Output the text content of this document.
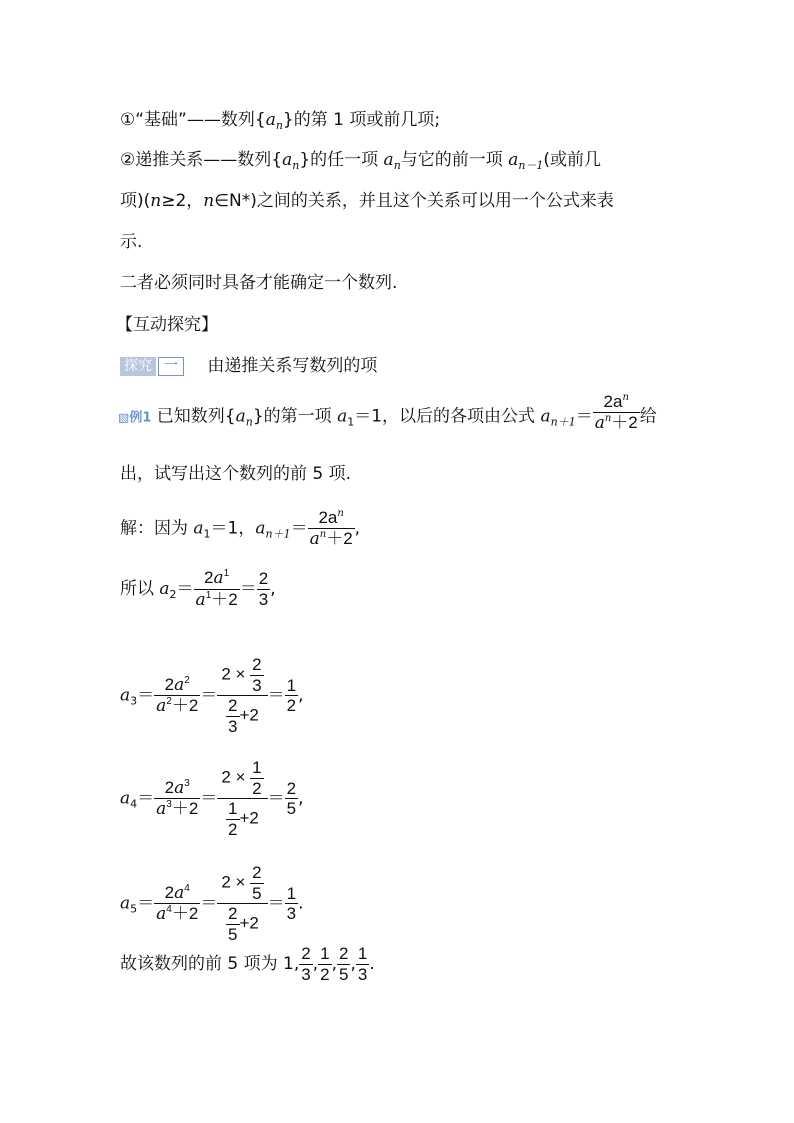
①“基础”——数列$\{a_n\}$的第 1 项或前几项;
②递推关系——数列$\{a_n\}$的任一项 $a_n$与它的前一项 $a_{n-1}$(或前几
项)(n≥2，n∈N*)之间的关系，并且这个关系可以用一个公式来表
示.
二者必须同时具备才能确定一个数列.
【互动探究】
探究 一 由递推关系写数列的项
▧例1 已知数列$\{a_n\}$的第一项 $a_1=1$，以后的各项由公式 $a_{n+1}= \frac{2a^n}{a^n+2}$ 给
出，试写出这个数列的前 5 项.
解：因为 $a_1=1$，$a_{n+1}= \frac{2a^n}{a^n+2}$ ,
所以 $a_2= \frac{2a^1}{a^1+2} = \frac{2}{3}$ ,
$a_3= \frac{2a^2}{a^2+2} = \frac{2 \times \frac{2}{3}}{\frac{2}{3} +2} = \frac{1}{2}$ ,
$a_4= \frac{2a^3}{a^3+2} = \frac{2 \times \frac{1}{2}}{\frac{1}{2} +2} = \frac{2}{5}$ ,
$a_5= \frac{2a^4}{a^4+2} = \frac{2 \times \frac{2}{5}}{\frac{2}{5} +2} = \frac{1}{3}$ .
故该数列的前 5 项为 1, $\frac{2}{3}$ , $\frac{1}{2}$ , $\frac{2}{5}$ , $\frac{1}{3}$ .
